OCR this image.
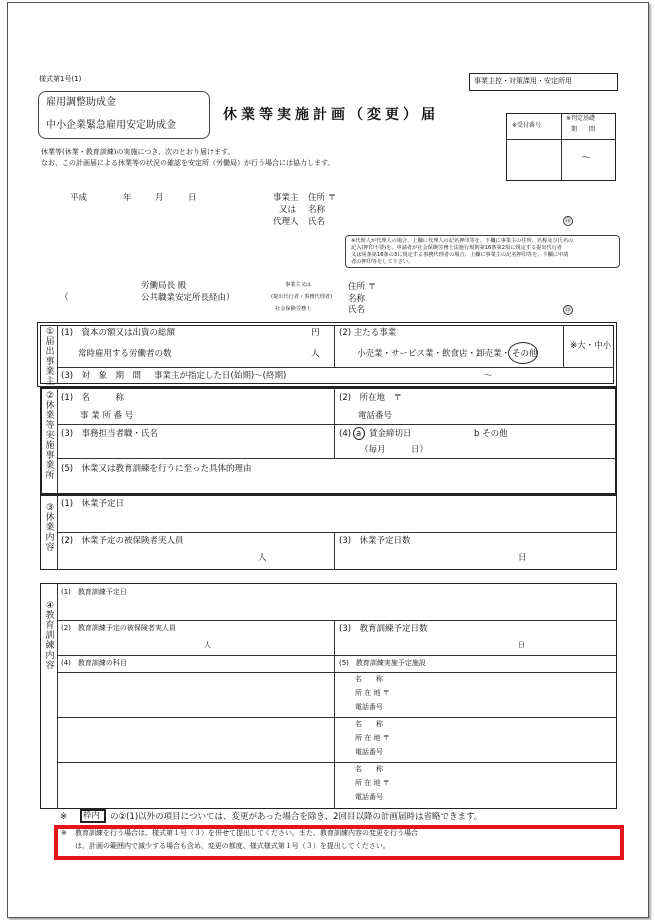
様式第1号(1)	事業主控・対策課用・安定所用
雇用調整助成金
中小企業緊急雇用安定助成金
休業等実施計画（変更）届
※受付番号
※判定基礎
期　　間
～
休業等(休業・教育訓練)の実施につき、次のとおり届けます。
なお、この計画届による休業等の状況の確認を安定所（労働局）が行う場合には協力します。
平成	年	月	日	事業主 住所 〒
又は 名称
代理人 氏名	㊞
※代理人が代理人の場合、上欄に代理人の記名押印等を、下欄に事業主の住所、名称及び氏名の
記入(押印不要)を、申請者が社会保険労務士法施行規則第16条第2項に規定する提出代行者
又は同条第16条の3に規定する事務代理者の場合、上欄に事業主の記名押印等を、下欄に申請
者の押印等をして下さい。
労働局長 殿
（	公共職業安定所長経由）
事業主又は
(提出代行者・事務代理者)
社会保険労務士
住所 〒
名称
氏名	㊞
①届出事業主
(1)　資本の額又は出資の総額	円
常時雇用する労働者の数	人
(2) 主たる事業
小売業・サービス業・飲食店・卸売業・ その他
※大・中小
(3)　対　象　期　間 事業主が指定した日(始期)～(終期)	～
②休業等実施事業所
(1)　名　　　称
事 業 所 番 号
(2)　所在地　〒
電話番号
(3)　事務担当者職・氏名	(4) a 賃金締切日	b その他
（毎月　　　日）
(5)　休業又は教育訓練を行うに至った具体的理由
③休業内容
(1)　休業予定日
(2)　休業予定の被保険者実人員
人
(3)　休業予定日数
日
④教育訓練内容
(1)　教育訓練予定日
(2)　教育訓練予定の被保険者実人員
人
(3)　教育訓練予定日数
日
(4)　教育訓練の科目	(5)　教育訓練実施予定施設
名　　称
所 在 地 〒
電話番号
名　　称
所 在 地 〒
電話番号
名　　称
所 在 地 〒
電話番号
※ 枠内 の②(1)以外の項目については、変更があった場合を除き、2回目以降の計画届時は省略できます。
※ 教育訓練を行う場合は、様式第１号（３）を併せて提出してください。また、教育訓練内容の変更を行う場合
は、計画の範囲内で減少する場合も含め、変更の都度、様式様式第１号（３）を提出してください。
